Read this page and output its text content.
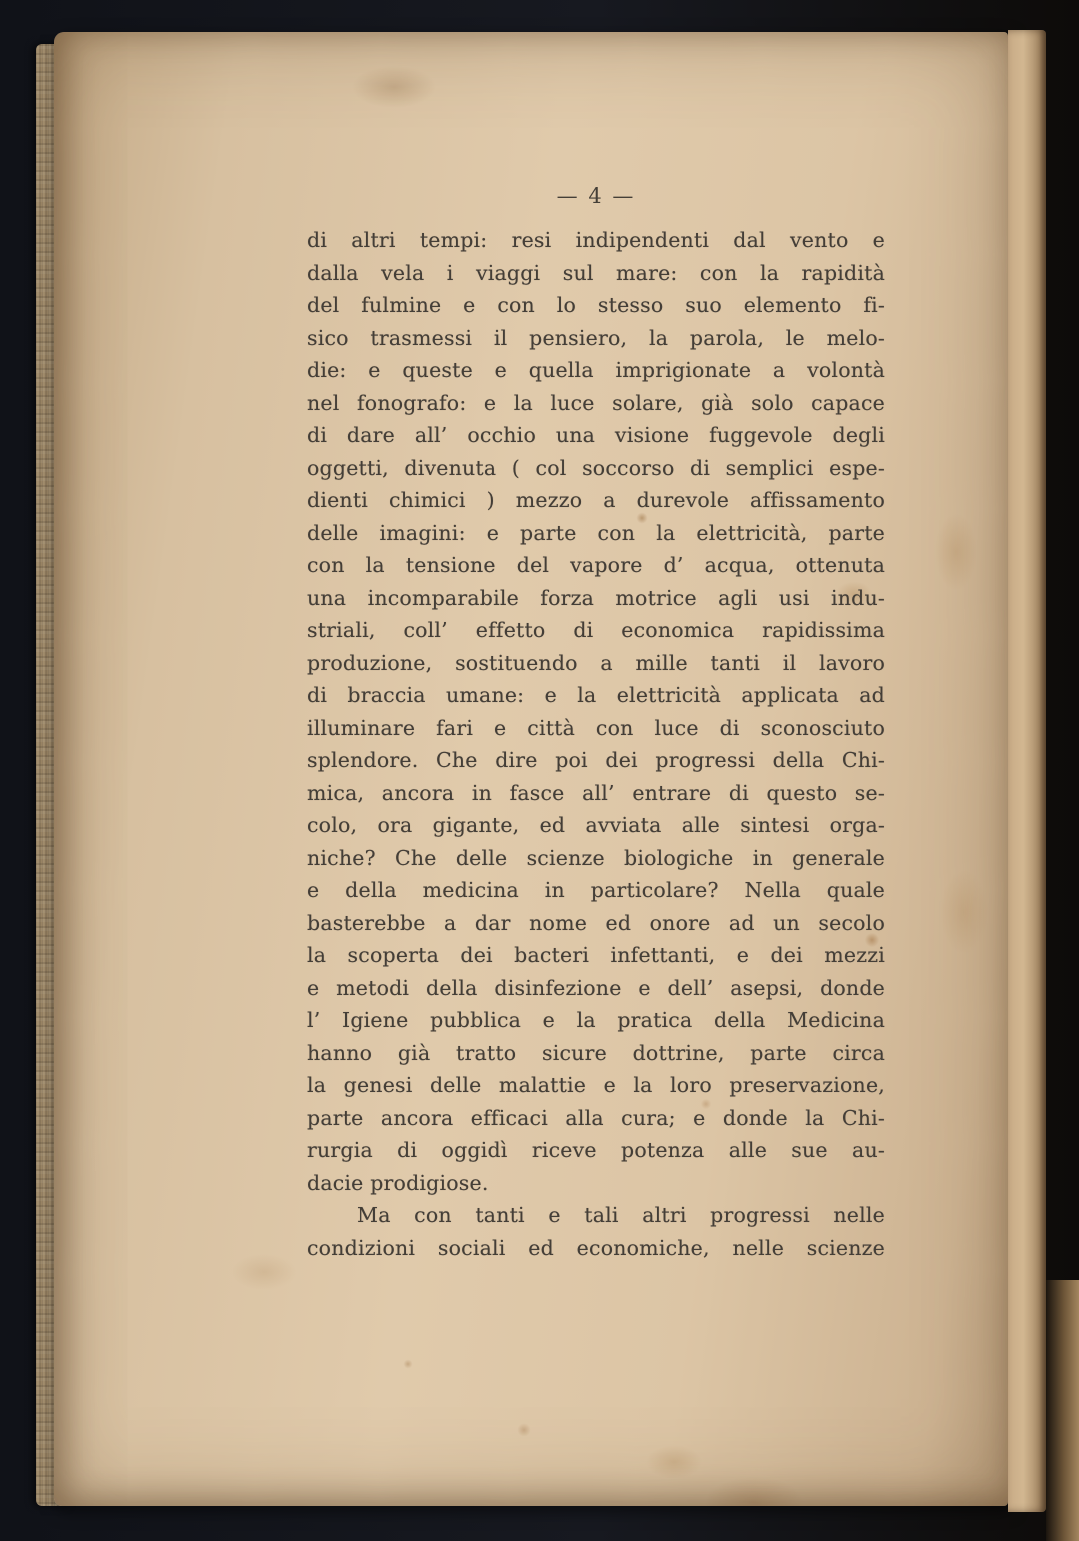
— 4 —
di altri tempi: resi indipendenti dal vento e
dalla vela i viaggi sul mare: con la rapidità
del fulmine e con lo stesso suo elemento fi-
sico trasmessi il pensiero, la parola, le melo-
die: e queste e quella imprigionate a volontà
nel fonografo: e la luce solare, già solo capace
di dare all’ occhio una visione fuggevole degli
oggetti, divenuta ( col soccorso di semplici espe-
dienti chimici ) mezzo a durevole affissamento
delle imagini: e parte con la elettricità, parte
con la tensione del vapore d’ acqua, ottenuta
una incomparabile forza motrice agli usi indu-
striali, coll’ effetto di economica rapidissima
produzione, sostituendo a mille tanti il lavoro
di braccia umane: e la elettricità applicata ad
illuminare fari e città con luce di sconosciuto
splendore. Che dire poi dei progressi della Chi-
mica, ancora in fasce all’ entrare di questo se-
colo, ora gigante, ed avviata alle sintesi orga-
niche? Che delle scienze biologiche in generale
e della medicina in particolare? Nella quale
basterebbe a dar nome ed onore ad un secolo
la scoperta dei bacteri infettanti, e dei mezzi
e metodi della disinfezione e dell’ asepsi, donde
l’ Igiene pubblica e la pratica della Medicina
hanno già tratto sicure dottrine, parte circa
la genesi delle malattie e la loro preservazione,
parte ancora efficaci alla cura; e donde la Chi-
rurgia di oggidì riceve potenza alle sue au-
dacie prodigiose.
Ma con tanti e tali altri progressi nelle
condizioni sociali ed economiche, nelle scienze
